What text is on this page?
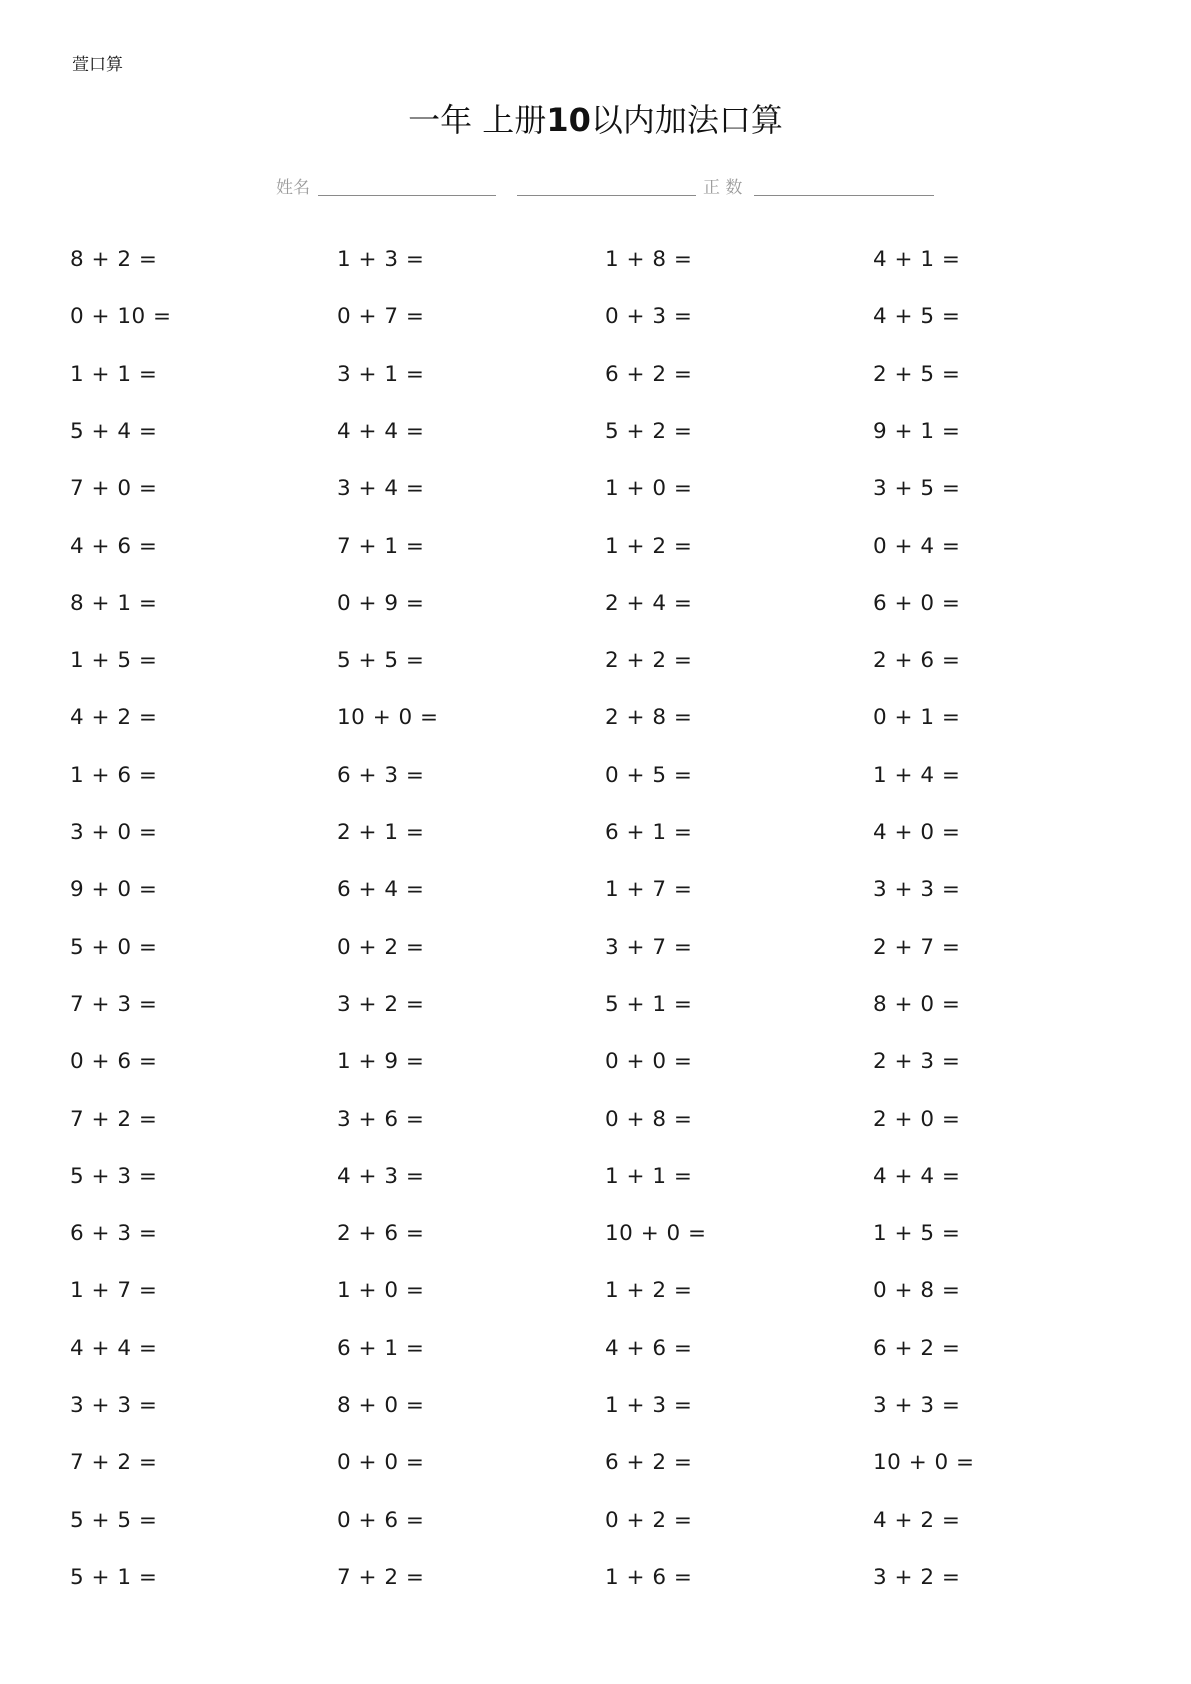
萱口算
一年 上册10以内加法口算
姓名	正 数
8 + 2 =
0 + 10 =
1 + 1 =
5 + 4 =
7 + 0 =
4 + 6 =
8 + 1 =
1 + 5 =
4 + 2 =
1 + 6 =
3 + 0 =
9 + 0 =
5 + 0 =
7 + 3 =
0 + 6 =
7 + 2 =
5 + 3 =
6 + 3 =
1 + 7 =
4 + 4 =
3 + 3 =
7 + 2 =
5 + 5 =
5 + 1 =
1 + 3 =
0 + 7 =
3 + 1 =
4 + 4 =
3 + 4 =
7 + 1 =
0 + 9 =
5 + 5 =
10 + 0 =
6 + 3 =
2 + 1 =
6 + 4 =
0 + 2 =
3 + 2 =
1 + 9 =
3 + 6 =
4 + 3 =
2 + 6 =
1 + 0 =
6 + 1 =
8 + 0 =
0 + 0 =
0 + 6 =
7 + 2 =
1 + 8 =
0 + 3 =
6 + 2 =
5 + 2 =
1 + 0 =
1 + 2 =
2 + 4 =
2 + 2 =
2 + 8 =
0 + 5 =
6 + 1 =
1 + 7 =
3 + 7 =
5 + 1 =
0 + 0 =
0 + 8 =
1 + 1 =
10 + 0 =
1 + 2 =
4 + 6 =
1 + 3 =
6 + 2 =
0 + 2 =
1 + 6 =
4 + 1 =
4 + 5 =
2 + 5 =
9 + 1 =
3 + 5 =
0 + 4 =
6 + 0 =
2 + 6 =
0 + 1 =
1 + 4 =
4 + 0 =
3 + 3 =
2 + 7 =
8 + 0 =
2 + 3 =
2 + 0 =
4 + 4 =
1 + 5 =
0 + 8 =
6 + 2 =
3 + 3 =
10 + 0 =
4 + 2 =
3 + 2 =
